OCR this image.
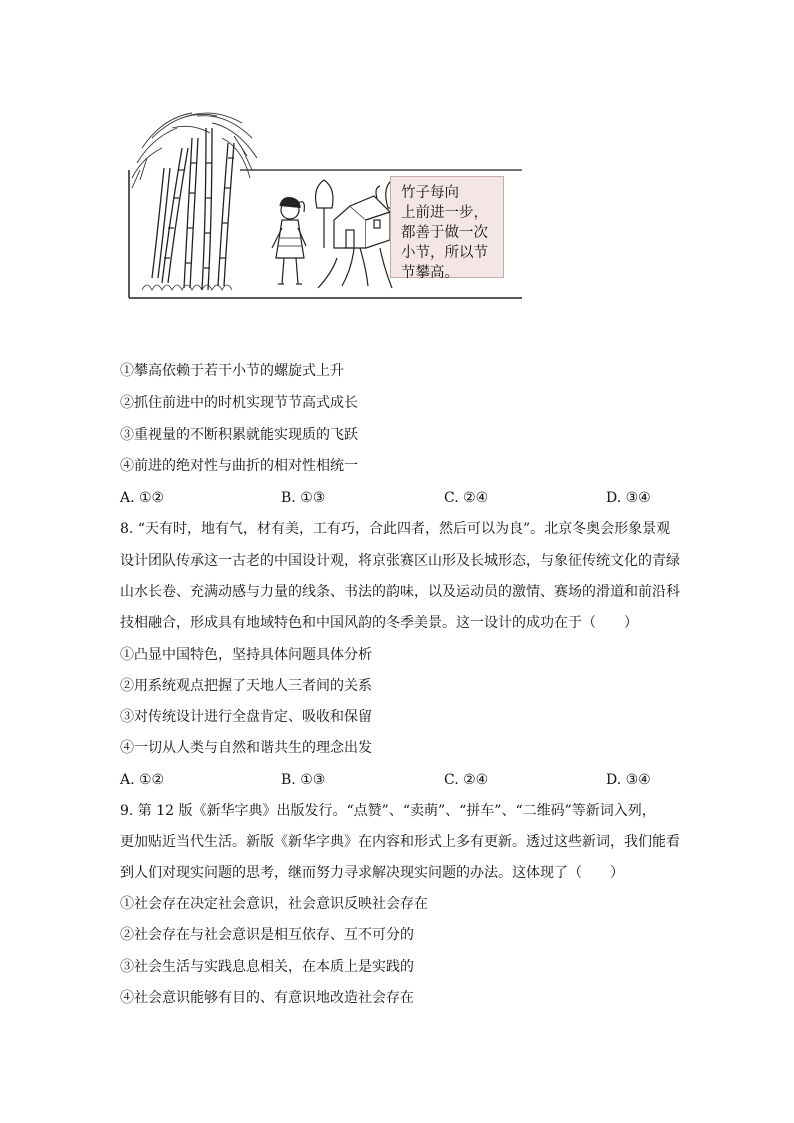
竹子每向
上前进一步，
都善于做一次
小节，所以节
节攀高。
①攀高依赖于若干小节的螺旋式上升
②抓住前进中的时机实现节节高式成长
③重视量的不断积累就能实现质的飞跃
④前进的绝对性与曲折的相对性相统一
A. ①②	B. ①③	C. ②④	D. ③④
8. “天有时，地有气，材有美，工有巧，合此四者，然后可以为良”。北京冬奥会形象景观
设计团队传承这一古老的中国设计观，将京张赛区山形及长城形态，与象征传统文化的青绿
山水长卷、充满动感与力量的线条、书法的韵味，以及运动员的激情、赛场的滑道和前沿科
技相融合，形成具有地域特色和中国风韵的冬季美景。这一设计的成功在于（　　）
①凸显中国特色，坚持具体问题具体分析
②用系统观点把握了天地人三者间的关系
③对传统设计进行全盘肯定、吸收和保留
④一切从人类与自然和谐共生的理念出发
A. ①②	B. ①③	C. ②④	D. ③④
9. 第 12 版《新华字典》出版发行。“点赞”、“卖萌”、“拼车”、“二维码”等新词入列，
更加贴近当代生活。新版《新华字典》在内容和形式上多有更新。透过这些新词，我们能看
到人们对现实问题的思考，继而努力寻求解决现实问题的办法。这体现了（　　）
①社会存在决定社会意识，社会意识反映社会存在
②社会存在与社会意识是相互依存、互不可分的
③社会生活与实践息息相关，在本质上是实践的
④社会意识能够有目的、有意识地改造社会存在
